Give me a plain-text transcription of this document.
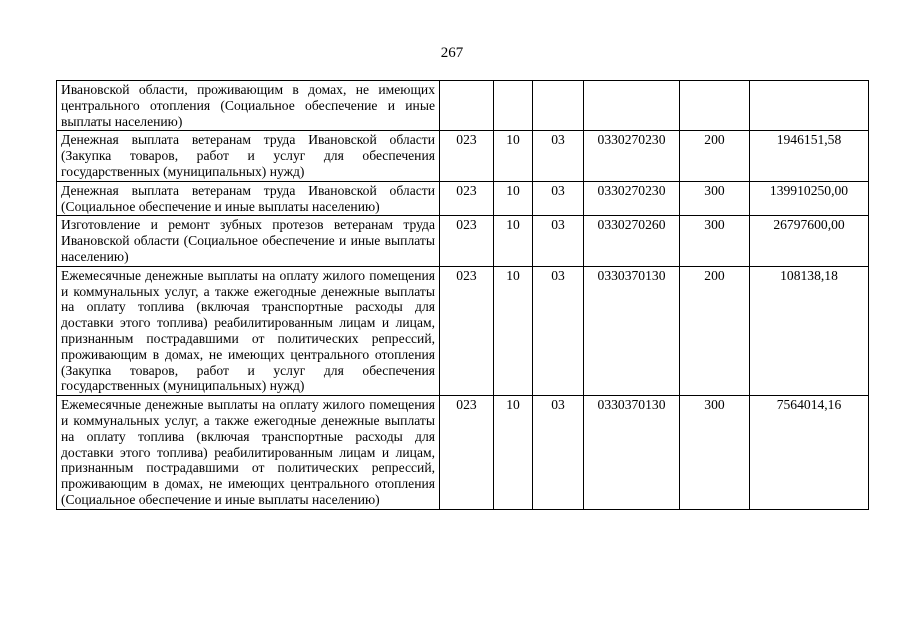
267
Ивановской области, проживающим в домах, не имеющих центрального отопления (Социальное обеспечение и иные выплаты населению)						
Денежная выплата ветеранам труда Ивановской области (Закупка товаров, работ и услуг для обеспечения государственных (муниципальных) нужд)	023	10	03	0330270230	200	1946151,58
Денежная выплата ветеранам труда Ивановской области (Социальное обеспечение и иные выплаты населению)	023	10	03	0330270230	300	139910250,00
Изготовление и ремонт зубных протезов ветеранам труда Ивановской области (Социальное обеспечение и иные выплаты населению)	023	10	03	0330270260	300	26797600,00
Ежемесячные денежные выплаты на оплату жилого помещения и коммунальных услуг, а также ежегодные денежные выплаты на оплату топлива (включая транспортные расходы для доставки этого топлива) реабилитированным лицам и лицам, признанным пострадавшими от политических репрессий, проживающим в домах, не имеющих центрального отопления (Закупка товаров, работ и услуг для обеспечения государственных (муниципальных) нужд)	023	10	03	0330370130	200	108138,18
Ежемесячные денежные выплаты на оплату жилого помещения и коммунальных услуг, а также ежегодные денежные выплаты на оплату топлива (включая транспортные расходы для доставки этого топлива) реабилитированным лицам и лицам, признанным пострадавшими от политических репрессий, проживающим в домах, не имеющих центрального отопления (Социальное обеспечение и иные выплаты населению)	023	10	03	0330370130	300	7564014,16
